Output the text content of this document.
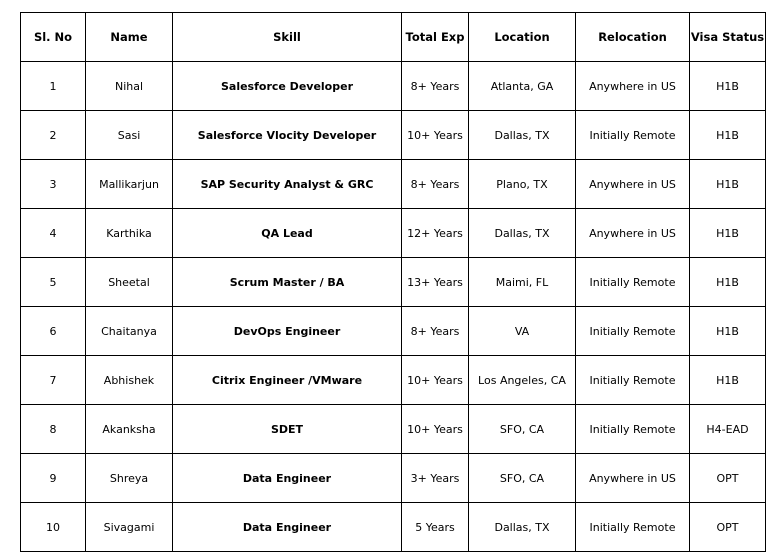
Sl. No	Name	Skill	Total Exp	Location	Relocation	Visa Status
1	Nihal	Salesforce Developer	8+ Years	Atlanta, GA	Anywhere in US	H1B
2	Sasi	Salesforce Vlocity Developer	10+ Years	Dallas, TX	Initially Remote	H1B
3	Mallikarjun	SAP Security Analyst & GRC	8+ Years	Plano, TX	Anywhere in US	H1B
4	Karthika	QA Lead	12+ Years	Dallas, TX	Anywhere in US	H1B
5	Sheetal	Scrum Master / BA	13+ Years	Maimi, FL	Initially Remote	H1B
6	Chaitanya	DevOps Engineer	8+ Years	VA	Initially Remote	H1B
7	Abhishek	Citrix Engineer /VMware	10+ Years	Los Angeles, CA	Initially Remote	H1B
8	Akanksha	SDET	10+ Years	SFO, CA	Initially Remote	H4-EAD
9	Shreya	Data Engineer	3+ Years	SFO, CA	Anywhere in US	OPT
10	Sivagami	Data Engineer	5 Years	Dallas, TX	Initially Remote	OPT
